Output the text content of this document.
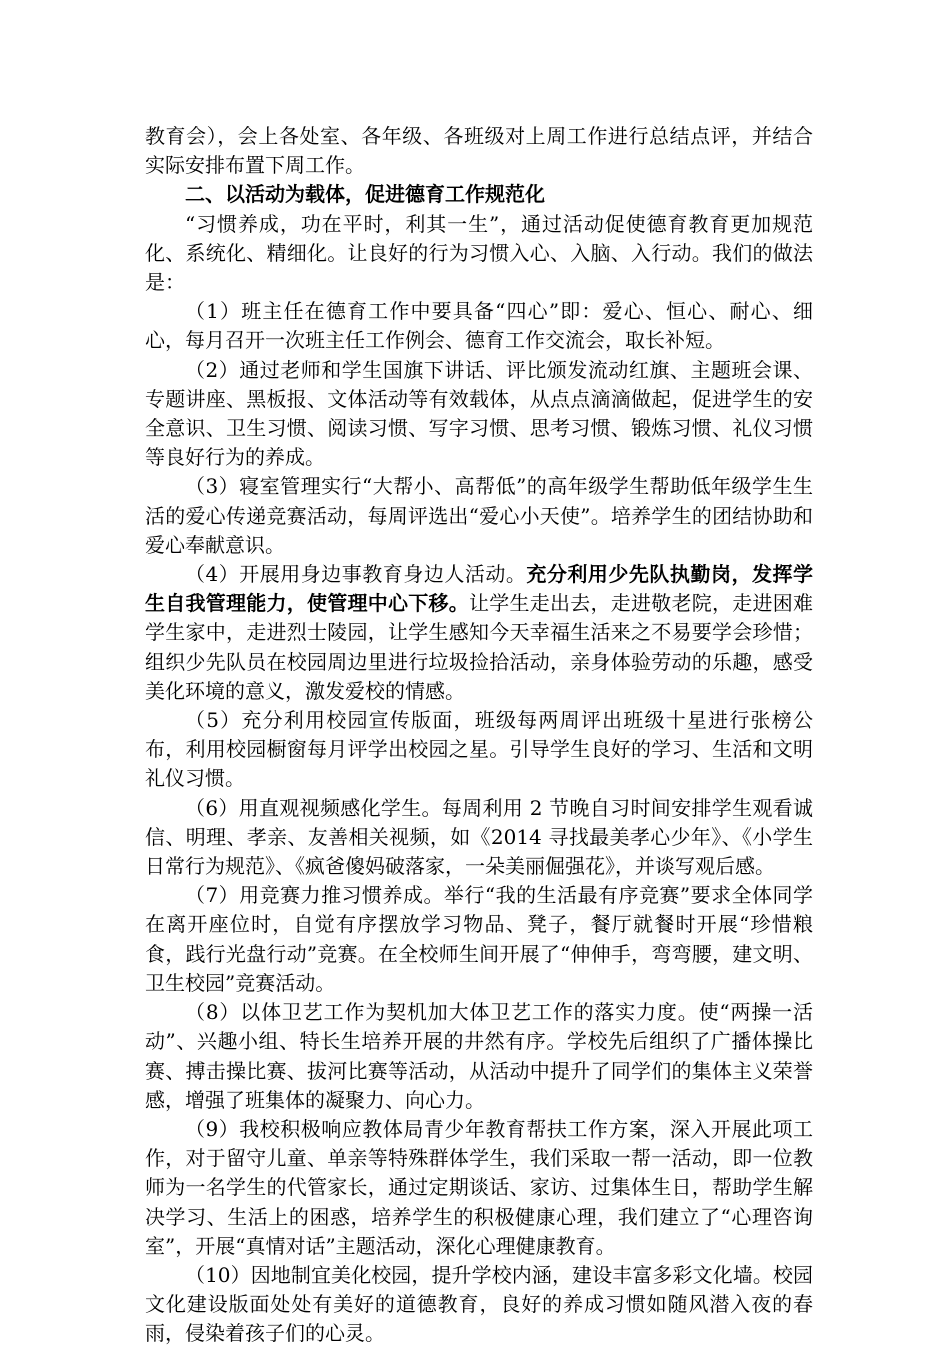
教育会），会上各处室、各年级、各班级对上周工作进行总结点评，并结合实际安排布置下周工作。

二、以活动为载体，促进德育工作规范化

“习惯养成，功在平时，利其一生”，通过活动促使德育教育更加规范化、系统化、精细化。让良好的行为习惯入心、入脑、入行动。我们的做法是：

（1）班主任在德育工作中要具备“四心”即：爱心、恒心、耐心、细心，每月召开一次班主任工作例会、德育工作交流会，取长补短。

（2）通过老师和学生国旗下讲话、评比颁发流动红旗、主题班会课、专题讲座、黑板报、文体活动等有效载体，从点点滴滴做起，促进学生的安全意识、卫生习惯、阅读习惯、写字习惯、思考习惯、锻炼习惯、礼仪习惯等良好行为的养成。

（3）寝室管理实行“大帮小、高帮低”的高年级学生帮助低年级学生生活的爱心传递竞赛活动，每周评选出“爱心小天使”。培养学生的团结协助和爱心奉献意识。

（4）开展用身边事教育身边人活动。充分利用少先队执勤岗，发挥学生自我管理能力，使管理中心下移。让学生走出去，走进敬老院，走进困难学生家中，走进烈士陵园，让学生感知今天幸福生活来之不易要学会珍惜；组织少先队员在校园周边里进行垃圾捡拾活动，亲身体验劳动的乐趣，感受美化环境的意义，激发爱校的情感。

（5）充分利用校园宣传版面，班级每两周评出班级十星进行张榜公布，利用校园橱窗每月评学出校园之星。引导学生良好的学习、生活和文明礼仪习惯。

（6）用直观视频感化学生。每周利用 2 节晚自习时间安排学生观看诚信、明理、孝亲、友善相关视频，如《2014 寻找最美孝心少年》、《小学生日常行为规范》、《疯爸傻妈破落家，一朵美丽倔强花》，并谈写观后感。

（7）用竞赛力推习惯养成。举行“我的生活最有序竞赛”要求全体同学在离开座位时，自觉有序摆放学习物品、凳子，餐厅就餐时开展“珍惜粮食，践行光盘行动”竞赛。在全校师生间开展了“伸伸手，弯弯腰，建文明、卫生校园”竞赛活动。

（8）以体卫艺工作为契机加大体卫艺工作的落实力度。使“两操一活动”、兴趣小组、特长生培养开展的井然有序。学校先后组织了广播体操比赛、搏击操比赛、拔河比赛等活动，从活动中提升了同学们的集体主义荣誉感，增强了班集体的凝聚力、向心力。

（9）我校积极响应教体局青少年教育帮扶工作方案，深入开展此项工作，对于留守儿童、单亲等特殊群体学生，我们采取一帮一活动，即一位教师为一名学生的代管家长，通过定期谈话、家访、过集体生日，帮助学生解决学习、生活上的困惑，培养学生的积极健康心理，我们建立了“心理咨询室”，开展“真情对话”主题活动，深化心理健康教育。

（10）因地制宜美化校园，提升学校内涵，建设丰富多彩文化墙。校园文化建设版面处处有美好的道德教育，良好的养成习惯如随风潜入夜的春雨，侵染着孩子们的心灵。
